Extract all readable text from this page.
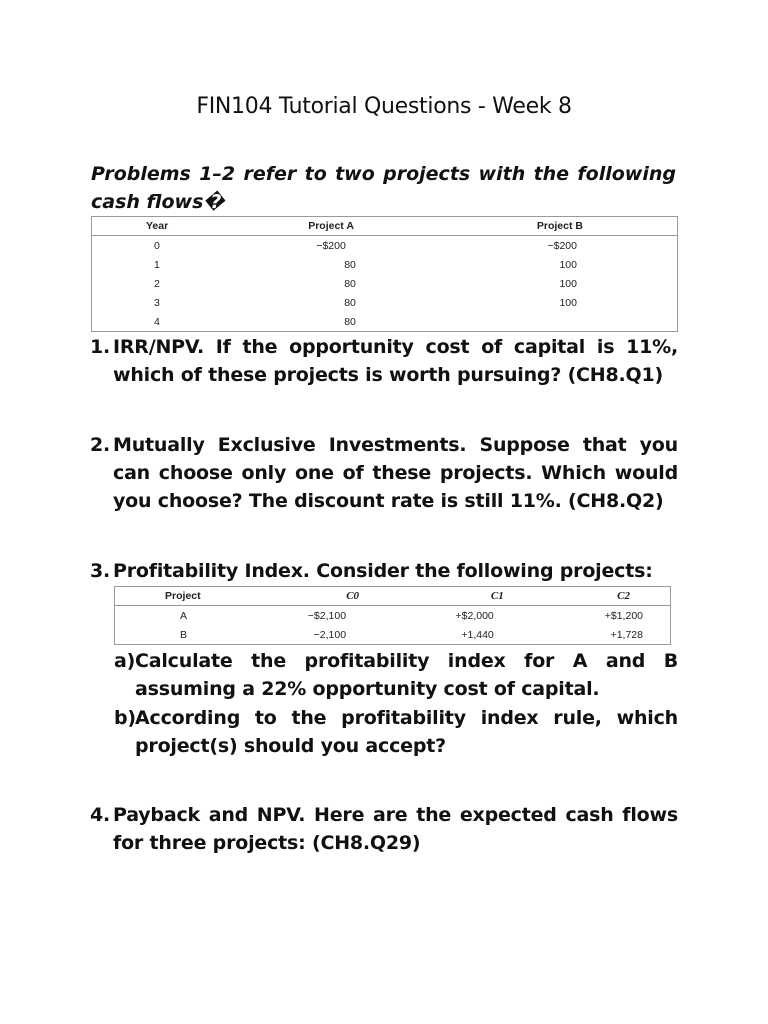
FIN104 Tutorial Questions - Week 8
Problems 1–2 refer to two projects with the following cash flows�
Year	Project A	Project B
0	−$200	−$200
1	80	100
2	80	100
3	80	100
4	80	
1. IRR/NPV. If the opportunity cost of capital is 11%, which of these projects is worth pursuing? (CH8.Q1)
2. Mutually Exclusive Investments. Suppose that you can choose only one of these projects. Which would you choose? The discount rate is still 11%. (CH8.Q2)
3. Profitability Index. Consider the following projects:
Project	C0	C1	C2
A	−$2,100	+$2,000	+$1,200
B	−2,100	+1,440	+1,728
a) Calculate the profitability index for A and B assuming a 22% opportunity cost of capital.
b) According to the profitability index rule, which project(s) should you accept?
4. Payback and NPV. Here are the expected cash flows for three projects: (CH8.Q29)
